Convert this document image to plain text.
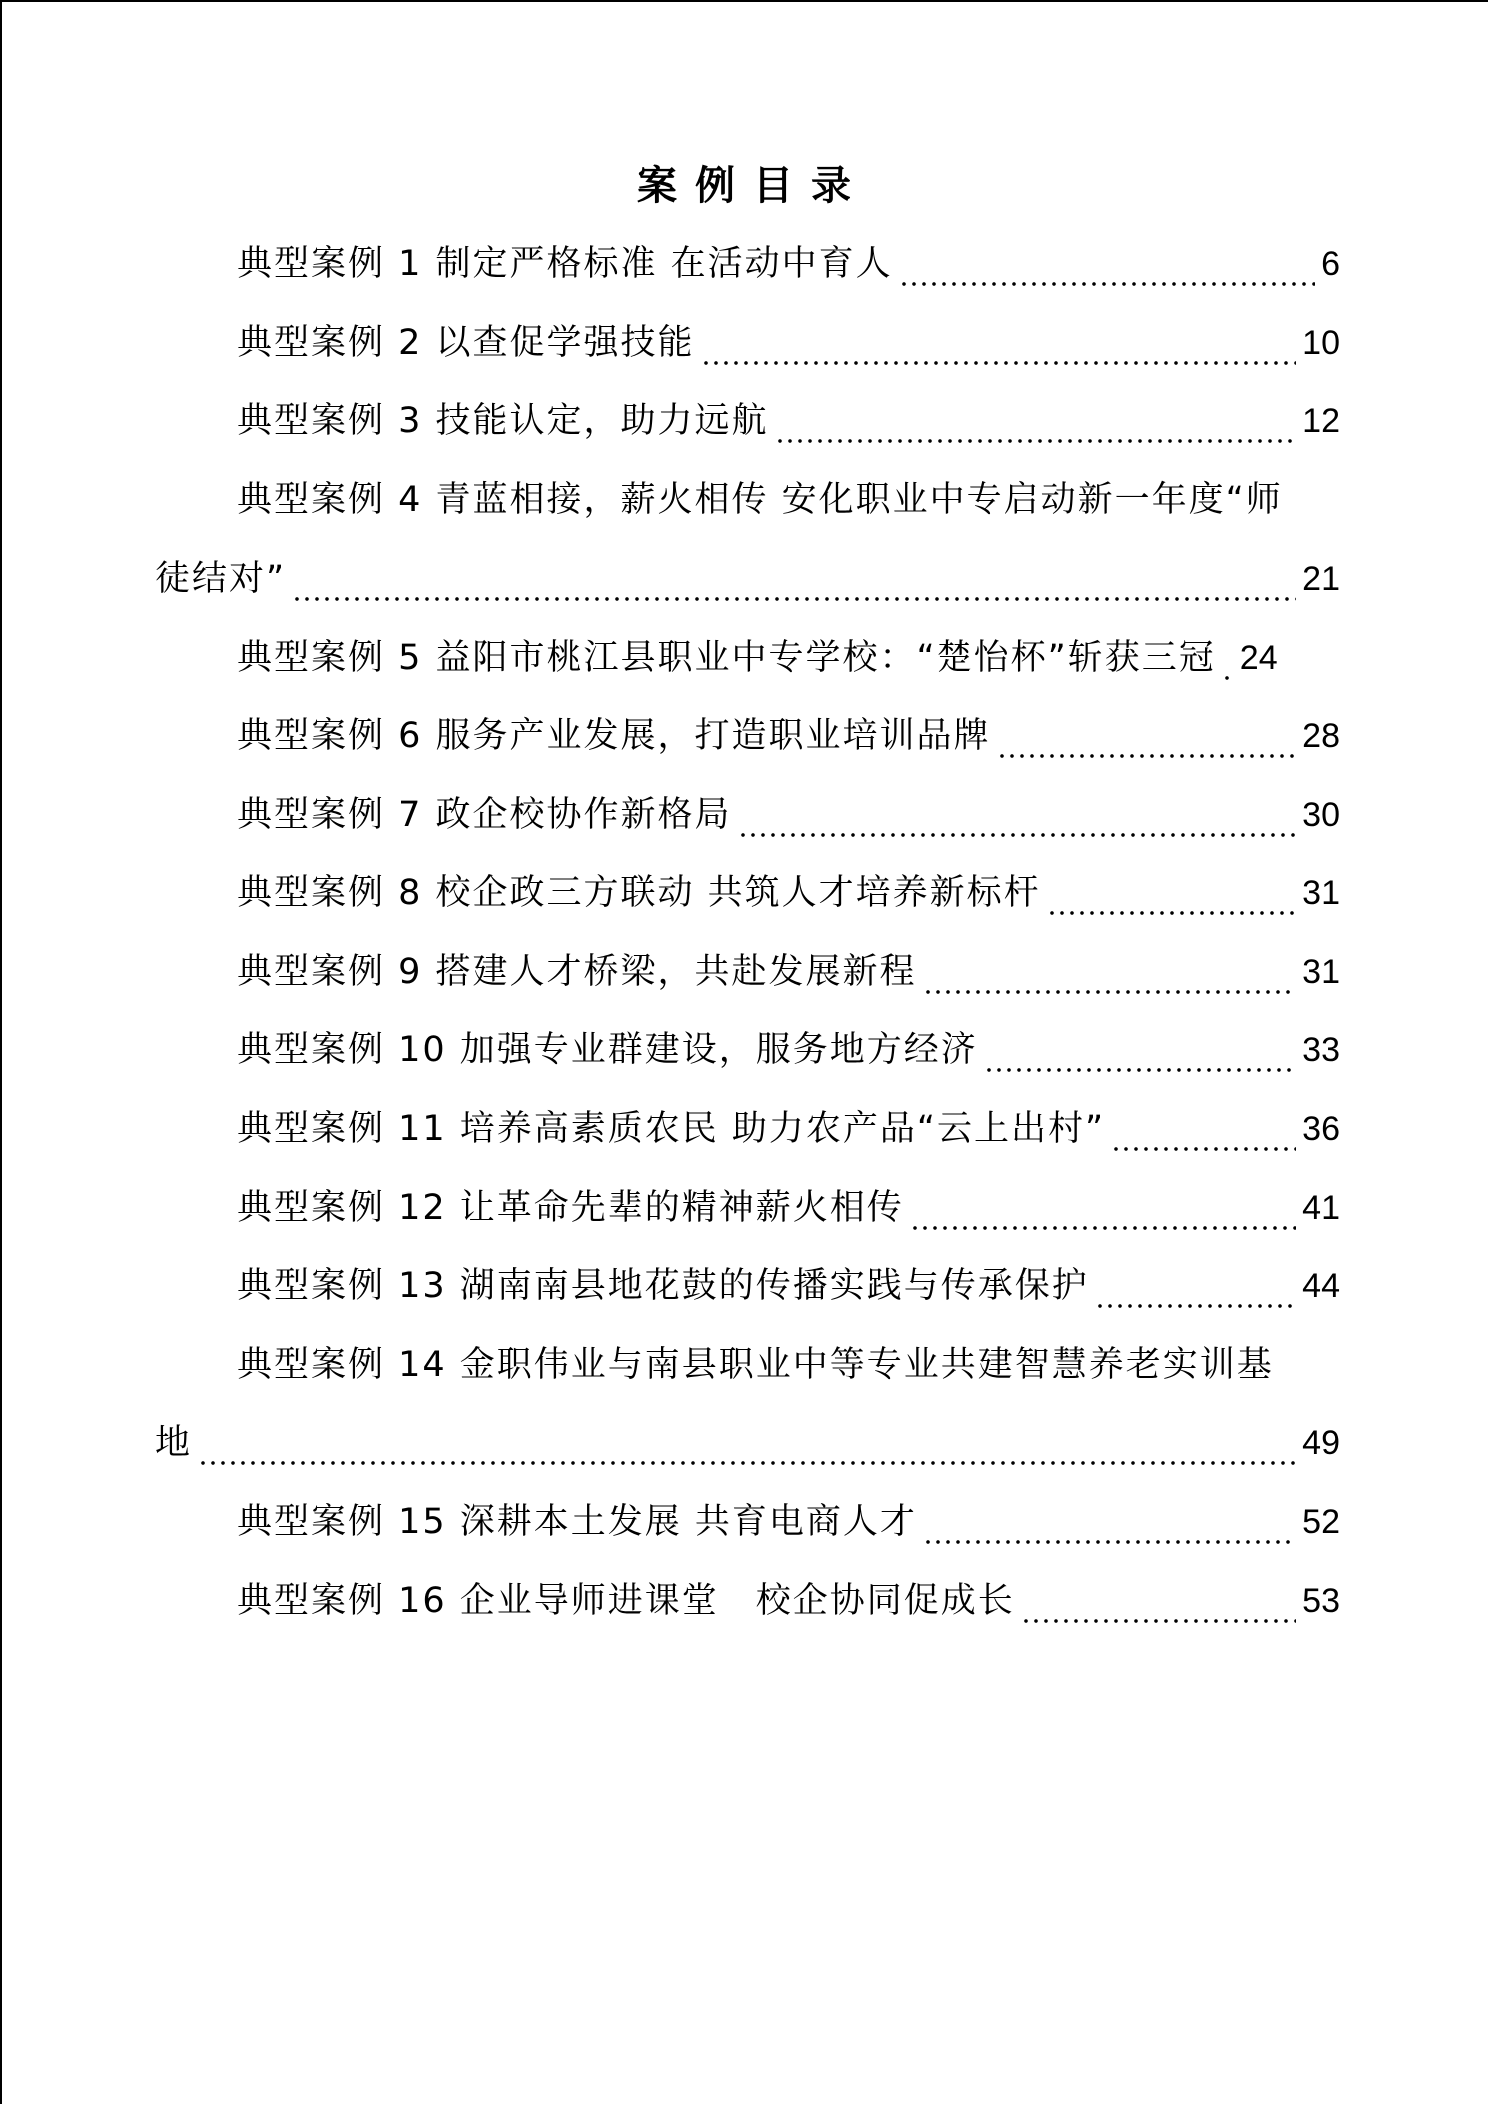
案例目录
典型案例 1 制定严格标准 在活动中育人	6
典型案例 2 以查促学强技能	10
典型案例 3 技能认定，助力远航	12
典型案例 4 青蓝相接，薪火相传 安化职业中专启动新一年度“师
徒结对”	21
典型案例 5 益阳市桃江县职业中专学校：“楚怡杯”斩获三冠 24
典型案例 6 服务产业发展，打造职业培训品牌	28
典型案例 7 政企校协作新格局	30
典型案例 8 校企政三方联动 共筑人才培养新标杆	31
典型案例 9 搭建人才桥梁，共赴发展新程	31
典型案例 10 加强专业群建设，服务地方经济	33
典型案例 11 培养高素质农民 助力农产品“云上出村”	36
典型案例 12 让革命先辈的精神薪火相传	41
典型案例 13 湖南南县地花鼓的传播实践与传承保护	44
典型案例 14 金职伟业与南县职业中等专业共建智慧养老实训基
地	49
典型案例 15 深耕本土发展 共育电商人才	52
典型案例 16 企业导师进课堂　校企协同促成长	53
